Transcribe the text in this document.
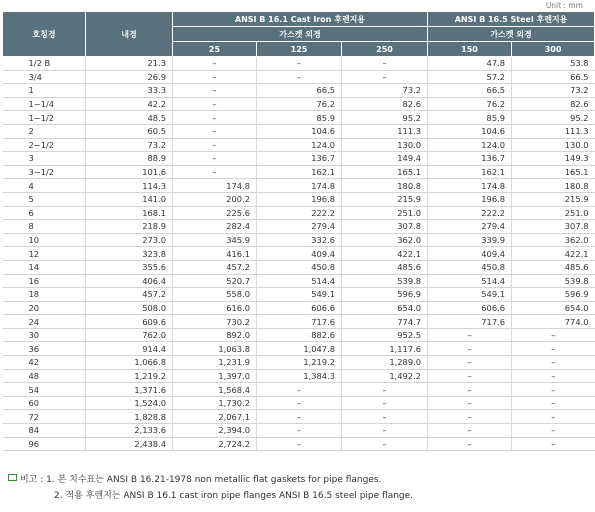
Unit : mm
호칭경	내경	ANSI B 16.1 Cast Iron 후렌지용			ANSI B 16.5 Steel 후렌지용	
		가스켓 외경			가스켓 외경	
		25	125	250	150	300
1/2 B	21.3	–	–	–	47.8	53.8
3/4	26.9	–	–	–	57.2	66.5
1	33.3	–	66.5	73.2	66.5	73.2
1−1/4	42.2	–	76.2	82.6	76.2	82.6
1−1/2	48.5	–	85.9	95.2	85.9	95.2
2	60.5	–	104.6	111.3	104.6	111.3
2−1/2	73.2	–	124.0	130.0	124.0	130.0
3	88.9	–	136.7	149.4	136.7	149.3
3−1/2	101.6	–	162.1	165.1	162.1	165.1
4	114.3	174.8	174.8	180.8	174.8	180.8
5	141.0	200.2	196.8	215.9	196.8	215.9
6	168.1	225.6	222.2	251.0	222.2	251.0
8	218.9	282.4	279.4	307.8	279.4	307.8
10	273.0	345.9	332.6	362.0	339.9	362.0
12	323.8	416.1	409.4	422.1	409.4	422.1
14	355.6	457.2	450.8	485.6	450.8	485.6
16	406.4	520.7	514.4	539.8	514.4	539.8
18	457.2	558.0	549.1	596.9	549.1	596.9
20	508.0	616.0	606.6	654.0	606.6	654.0
24	609.6	730.2	717.6	774.7	717.6	774.0
30	762.0	892.0	882.6	952.5	–	–
36	914.4	1,063.8	1,047.8	1,117.6	–	–
42	1,066.8	1,231.9	1,219.2	1,289.0	–	–
48	1,219.2	1,397.0	1,384.3	1,492.2	–	–
54	1,371.6	1,568.4	–	–	–	–
60	1,524.0	1,730.2	–	–	–	–
72	1,828.8	2,067.1	–	–	–	–
84	2,133.6	2,394.0	–	–	–	–
96	2,438.4	2,724.2	–	–	–	–
비고 : 1. 본 치수표는 ANSI B 16.21-1978 non metallic flat gaskets for pipe flanges.
2. 적용 후렌지는 ANSI B 16.1 cast iron pipe flanges ANSI B 16.5 steel pipe flange.
